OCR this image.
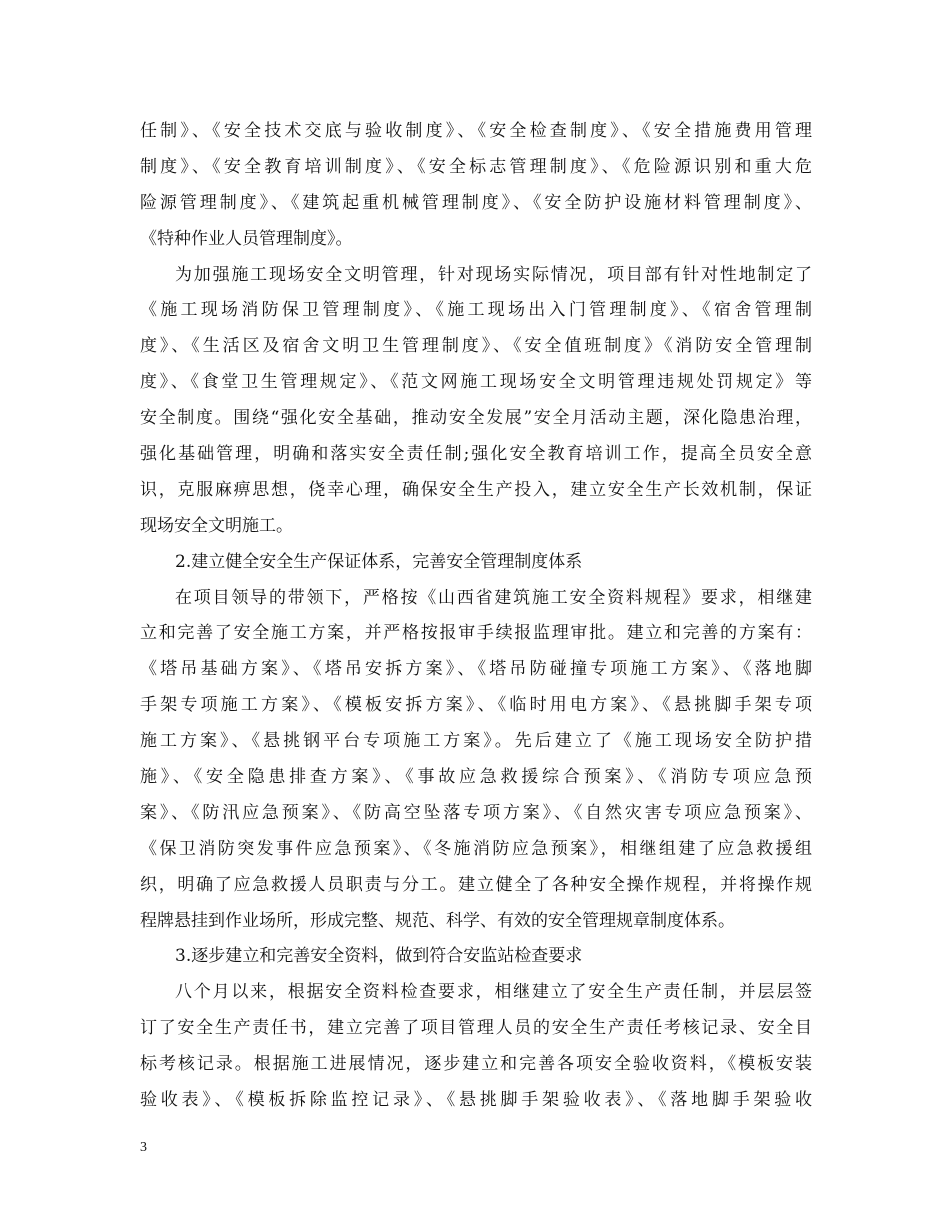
任制》、《安全技术交底与验收制度》、《安全检查制度》、《安全措施费用管理
制度》、《安全教育培训制度》、《安全标志管理制度》、《危险源识别和重大危
险源管理制度》、《建筑起重机械管理制度》、《安全防护设施材料管理制度》、
《特种作业人员管理制度》。
为加强施工现场安全文明管理，针对现场实际情况，项目部有针对性地制定了
《施工现场消防保卫管理制度》、《施工现场出入门管理制度》、《宿舍管理制
度》、《生活区及宿舍文明卫生管理制度》、《安全值班制度》《消防安全管理制
度》、《食堂卫生管理规定》、《范文网施工现场安全文明管理违规处罚规定》等
安全制度。围绕“强化安全基础，推动安全发展”安全月活动主题，深化隐患治理，
强化基础管理，明确和落实安全责任制;强化安全教育培训工作，提高全员安全意
识，克服麻痹思想，侥幸心理，确保安全生产投入，建立安全生产长效机制，保证
现场安全文明施工。
2.建立健全安全生产保证体系，完善安全管理制度体系
在项目领导的带领下，严格按《山西省建筑施工安全资料规程》要求，相继建
立和完善了安全施工方案，并严格按报审手续报监理审批。建立和完善的方案有：
《塔吊基础方案》、《塔吊安拆方案》、《塔吊防碰撞专项施工方案》、《落地脚
手架专项施工方案》、《模板安拆方案》、《临时用电方案》、《悬挑脚手架专项
施工方案》、《悬挑钢平台专项施工方案》。先后建立了《施工现场安全防护措
施》、《安全隐患排查方案》、《事故应急救援综合预案》、《消防专项应急预
案》、《防汛应急预案》、《防高空坠落专项方案》、《自然灾害专项应急预案》、
《保卫消防突发事件应急预案》、《冬施消防应急预案》，相继组建了应急救援组
织，明确了应急救援人员职责与分工。建立健全了各种安全操作规程，并将操作规
程牌悬挂到作业场所，形成完整、规范、科学、有效的安全管理规章制度体系。
3.逐步建立和完善安全资料，做到符合安监站检查要求
八个月以来，根据安全资料检查要求，相继建立了安全生产责任制，并层层签
订了安全生产责任书，建立完善了项目管理人员的安全生产责任考核记录、安全目
标考核记录。根据施工进展情况，逐步建立和完善各项安全验收资料，《模板安装
验收表》、《模板拆除监控记录》、《悬挑脚手架验收表》、《落地脚手架验收
3
